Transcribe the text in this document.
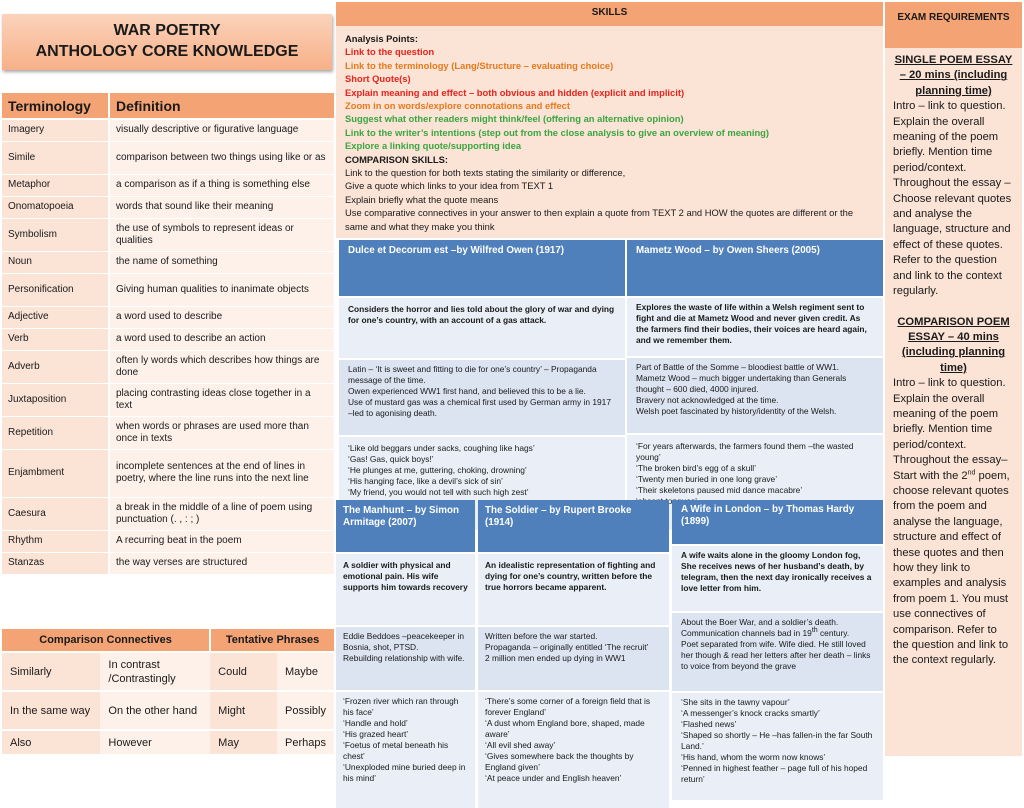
WAR POETRY
ANTHOLOGY CORE KNOWLEDGE
Terminology	Definition
Imagery	visually descriptive or figurative language
Simile	comparison between two things using like or as
Metaphor	a comparison as if a thing is something else
Onomatopoeia	words that sound like their meaning
Symbolism	the use of symbols to represent ideas or qualities
Noun	the name of something
Personification	Giving human qualities to inanimate objects
Adjective	a word used to describe
Verb	a word used to describe an action
Adverb	often ly words which describes how things are done
Juxtaposition	placing contrasting ideas close together in a text
Repetition	when words or phrases are used more than once in texts
Enjambment	incomplete sentences at the end of lines in poetry, where the line runs into the next line
Caesura	a break in the middle of a line of poem using punctuation (. , : ; )
Rhythm	A recurring beat in the poem
Stanzas	the way verses are structured
Comparison Connectives		Tentative Phrases	
Similarly	In contrast /Contrastingly	Could	Maybe
In the same way	On the other hand	Might	Possibly
Also	However	May	Perhaps
SKILLS
Analysis Points:
Link to the question
Link to the terminology (Lang/Structure – evaluating choice)
Short Quote(s)
Explain meaning and effect – both obvious and hidden (explicit and implicit)
Zoom in on words/explore connotations and effect
Suggest what other readers might think/feel (offering an alternative opinion)
Link to the writer’s intentions (step out from the close analysis to give an overview of meaning)
Explore a linking quote/supporting idea
COMPARISON SKILLS:
Link to the question for both texts stating the similarity or difference,
Give a quote which links to your idea from TEXT 1
Explain briefly what the quote means
Use comparative connectives in your answer to then explain a quote from TEXT 2 and HOW the quotes are different or the same and what they make you think
Dulce et Decorum est –by Wilfred Owen (1917)
Considers the horror and lies told about the glory of war and dying for one’s country, with an account of a gas attack.
Latin – ‘It is sweet and fitting to die for one’s country’ – Propaganda message of the time.
Owen experienced WW1 first hand, and believed this to be a lie.
Use of mustard gas was a chemical first used by German army in 1917 –led to agonising death.
‘Like old beggars under sacks, coughing like hags’
‘Gas! Gas, quick boys!’
‘He plunges at me, guttering, choking, drowning’
‘His hanging face, like a devil’s sick of sin’
‘My friend, you would not tell with such high zest’
Mametz Wood – by Owen Sheers (2005)
Explores the waste of life within a Welsh regiment sent to fight and die at Mametz Wood and never given credit. As the farmers find their bodies, their voices are heard again, and we remember them.
Part of Battle of the Somme – bloodiest battle of WW1.
Mametz Wood – much bigger undertaking than Generals thought – 600 died, 4000 injured.
Bravery not acknowledged at the time.
Welsh poet fascinated by history/identity of the Welsh.
‘For years afterwards, the farmers found them –the wasted young’
‘The broken bird’s egg of a skull’
‘Twenty men buried in one long grave’
‘Their skeletons paused mid dance macabre’
The Manhunt – by Simon Armitage (2007)
A soldier with physical and emotional pain. His wife supports him towards recovery
Eddie Beddoes –peacekeeper in Bosnia, shot, PTSD.
Rebuilding relationship with wife.
‘Frozen river which ran through his face’
‘Handle and hold’
‘His grazed heart’
‘Foetus of metal beneath his chest’
‘Unexploded mine buried deep in his mind’
The Soldier – by Rupert Brooke (1914)
An idealistic representation of fighting and dying for one’s country, written before the true horrors became apparent.
Written before the war started.
Propaganda – originally entitled ‘The recruit’
2 million men ended up dying in WW1
‘There’s some corner of a foreign field that is forever England’
‘A dust whom England bore, shaped, made aware’
‘All evil shed away’
‘Gives somewhere back the thoughts by England given’
‘At peace under and English heaven’
A Wife in London – by Thomas Hardy (1899)
A wife waits alone in the gloomy London fog, She receives news of her husband’s death, by telegram, then the next day ironically receives a love letter from him.
About the Boer War, and a soldier’s death.
Communication channels bad in 19th century.
Poet separated from wife. Wife died. He still loved her though & read her letters after her death – links to voice from beyond the grave
‘She sits in the tawny vapour’
‘A messenger’s knock cracks smartly’
‘Flashed news’
‘Shaped so shortly – He –has fallen-in the far South Land.’
‘His hand, whom the worm now knows’
‘Penned in highest feather – page full of his hoped return’
EXAM REQUIREMENTS
SINGLE POEM ESSAY – 20 mins (including planning time)
Intro – link to question. Explain the overall meaning of the poem briefly. Mention time period/context. Throughout the essay – Choose relevant quotes and analyse the language, structure and effect of these quotes. Refer to the question and link to the context regularly.
COMPARISON POEM ESSAY – 40 mins (including planning time)
Intro – link to question. Explain the overall meaning of the poem briefly. Mention time period/context. Throughout the essay– Start with the 2nd poem, choose relevant quotes from the poem and analyse the language, structure and effect of these quotes and then how they link to examples and analysis from poem 1. You must use connectives of comparison. Refer to the question and link to the context regularly.
